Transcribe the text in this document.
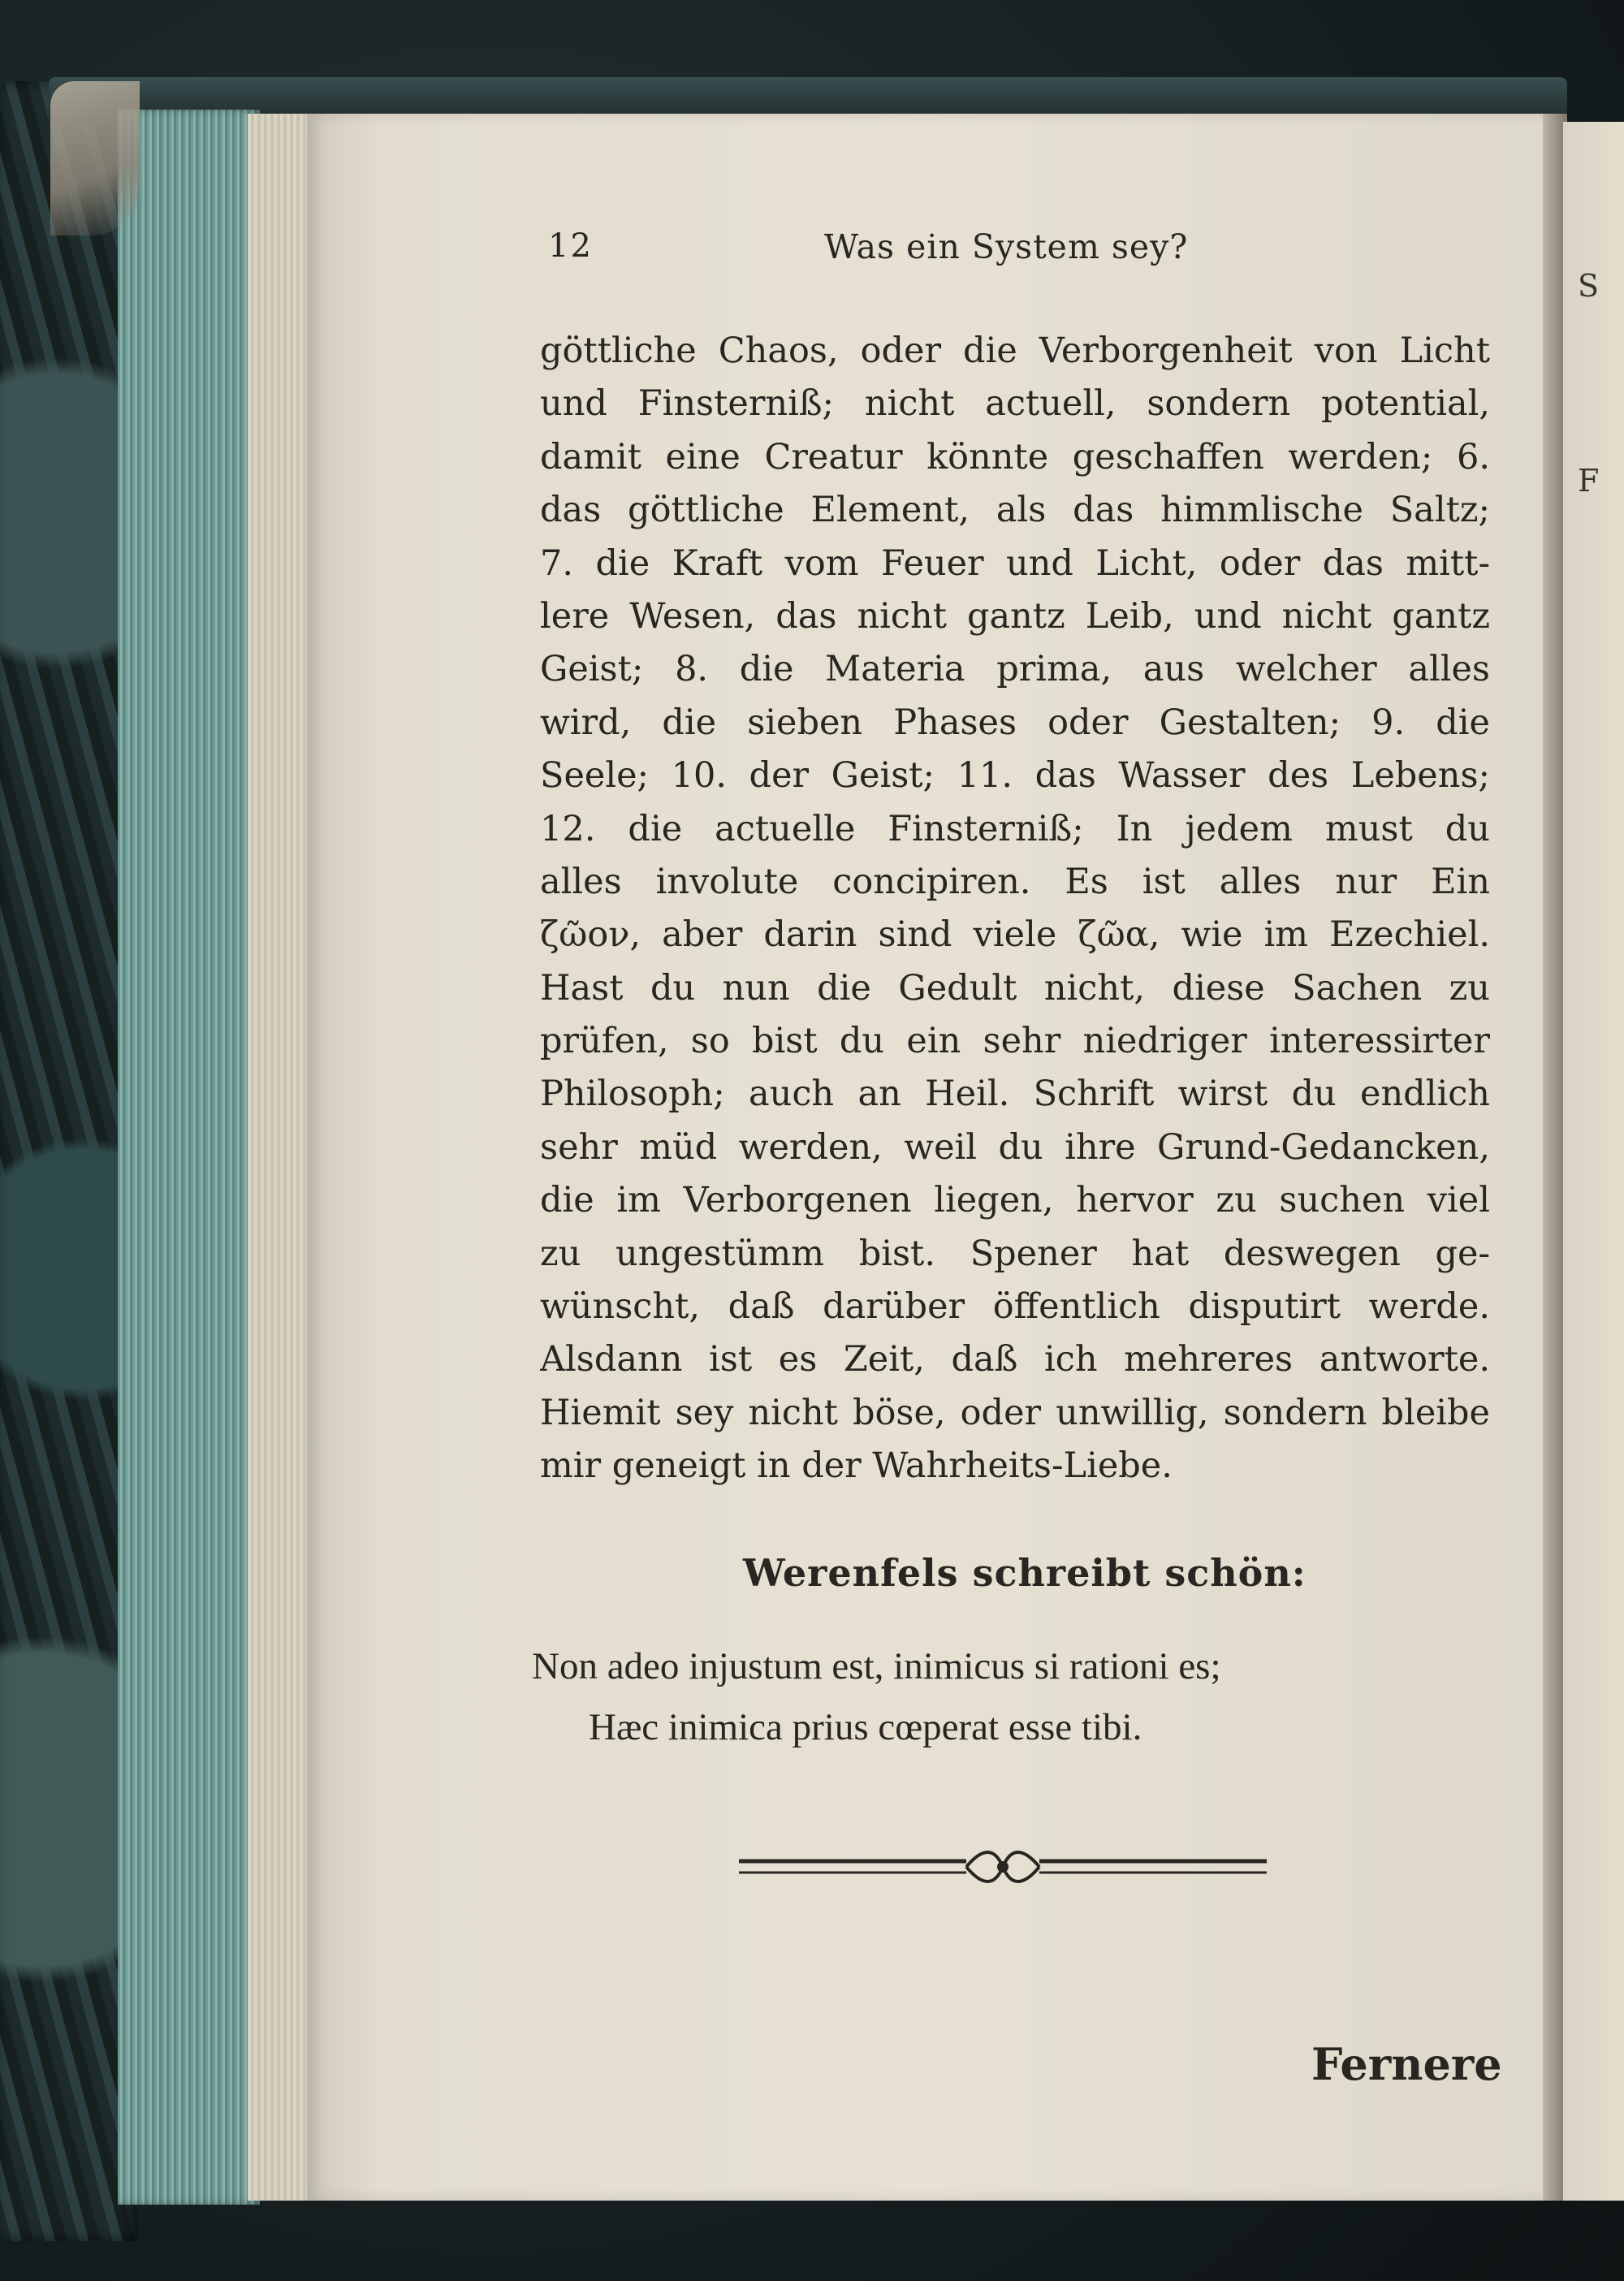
S
F
12	Was ein System sey?
göttliche Chaos, oder die Verborgenheit von Licht
und Finsterniß; nicht actuell, sondern potential,
damit eine Creatur könnte geschaffen werden; 6.
das göttliche Element, als das himmlische Saltz;
7. die Kraft vom Feuer und Licht, oder das mitt-
lere Wesen, das nicht gantz Leib, und nicht gantz
Geist; 8. die Materia prima, aus welcher alles
wird, die sieben Phases oder Gestalten; 9. die
Seele; 10. der Geist; 11. das Wasser des Lebens;
12. die actuelle Finsterniß; In jedem must du
alles involute concipiren. Es ist alles nur Ein
ζῶον, aber darin sind viele ζῶα, wie im Ezechiel.
Hast du nun die Gedult nicht, diese Sachen zu
prüfen, so bist du ein sehr niedriger interessirter
Philosoph; auch an Heil. Schrift wirst du endlich
sehr müd werden, weil du ihre Grund-Gedancken,
die im Verborgenen liegen, hervor zu suchen viel
zu ungestümm bist. Spener hat deswegen ge-
wünscht, daß darüber öffentlich disputirt werde.
Alsdann ist es Zeit, daß ich mehreres antworte.
Hiemit sey nicht böse, oder unwillig, sondern bleibe
mir geneigt in der Wahrheits-Liebe.
Werenfels schreibt schön:
Non adeo injustum est, inimicus si rationi es;
Hæc inimica prius cœperat esse tibi.
Fernere
